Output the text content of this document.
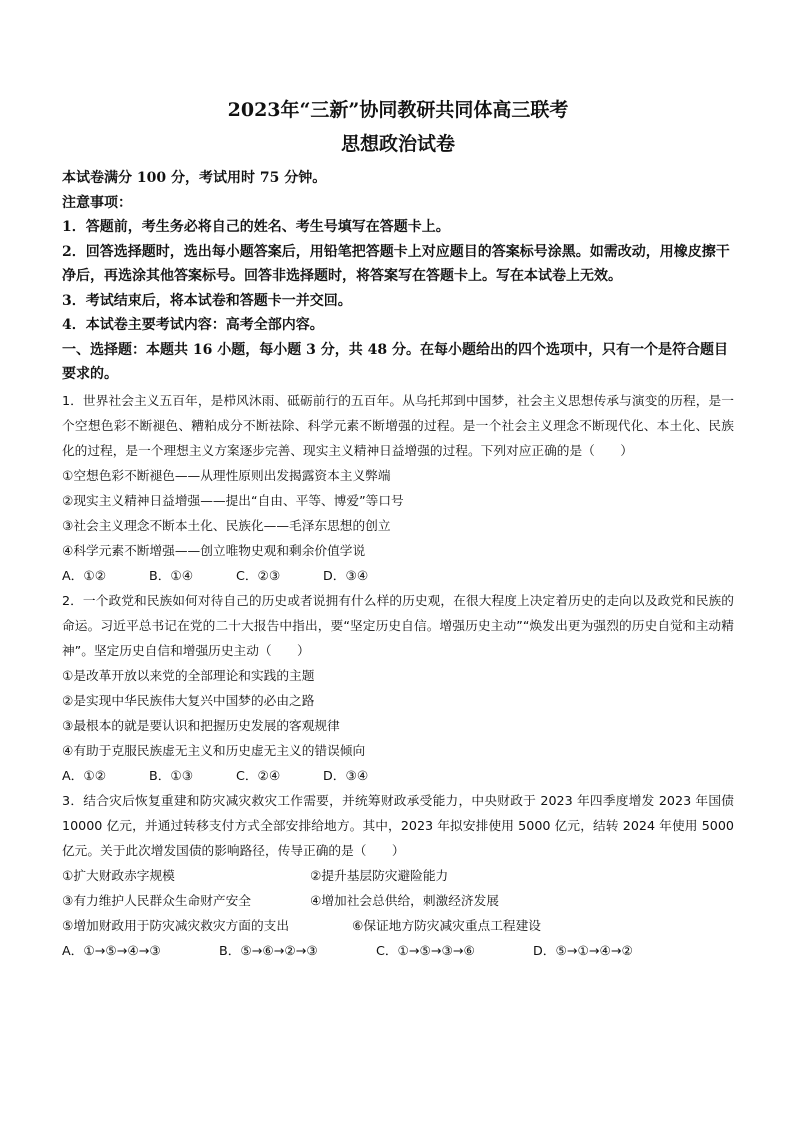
2023年“三新”协同教研共同体高三联考
思想政治试卷

本试卷满分 100 分，考试用时 75 分钟。

注意事项：

1．答题前，考生务必将自己的姓名、考生号填写在答题卡上。

2．回答选择题时，选出每小题答案后，用铅笔把答题卡上对应题目的答案标号涂黑。如需改动，用橡皮擦干净后，再选涂其他答案标号。回答非选择题时，将答案写在答题卡上。写在本试卷上无效。

3．考试结束后，将本试卷和答题卡一并交回。

4．本试卷主要考试内容：高考全部内容。

一、选择题：本题共 16 小题，每小题 3 分，共 48 分。在每小题给出的四个选项中，只有一个是符合题目要求的。

1．世界社会主义五百年，是栉风沐雨、砥砺前行的五百年。从乌托邦到中国梦，社会主义思想传承与演变的历程，是一个空想色彩不断褪色、糟粕成分不断祛除、科学元素不断增强的过程。是一个社会主义理念不断现代化、本土化、民族化的过程，是一个理想主义方案逐步完善、现实主义精神日益增强的过程。下列对应正确的是（　　）

①空想色彩不断褪色——从理性原则出发揭露资本主义弊端

②现实主义精神日益增强——提出“自由、平等、博爱”等口号

③社会主义理念不断本土化、民族化——毛泽东思想的创立

④科学元素不断增强——创立唯物史观和剩余价值学说

A．①②	B．①④	C．②③	D．③④

2．一个政党和民族如何对待自己的历史或者说拥有什么样的历史观，在很大程度上决定着历史的走向以及政党和民族的命运。习近平总书记在党的二十大报告中指出，要“坚定历史自信。增强历史主动”“焕发出更为强烈的历史自觉和主动精神”。坚定历史自信和增强历史主动（　　）

①是改革开放以来党的全部理论和实践的主题

②是实现中华民族伟大复兴中国梦的必由之路

③最根本的就是要认识和把握历史发展的客观规律

④有助于克服民族虚无主义和历史虚无主义的错误倾向

A．①②	B．①③	C．②④	D．③④

3．结合灾后恢复重建和防灾减灾救灾工作需要，并统筹财政承受能力，中央财政于 2023 年四季度增发 2023 年国债 10000 亿元，并通过转移支付方式全部安排给地方。其中，2023 年拟安排使用 5000 亿元，结转 2024 年使用 5000 亿元。关于此次增发国债的影响路径，传导正确的是（　　）

①扩大财政赤字规模	②提升基层防灾避险能力
③有力维护人民群众生命财产安全	④增加社会总供给，刺激经济发展
⑤增加财政用于防灾减灾救灾方面的支出	⑥保证地方防灾减灾重点工程建设
A．①→⑤→④→③	B．⑤→⑥→②→③	C．①→⑤→③→⑥	D．⑤→①→④→②
